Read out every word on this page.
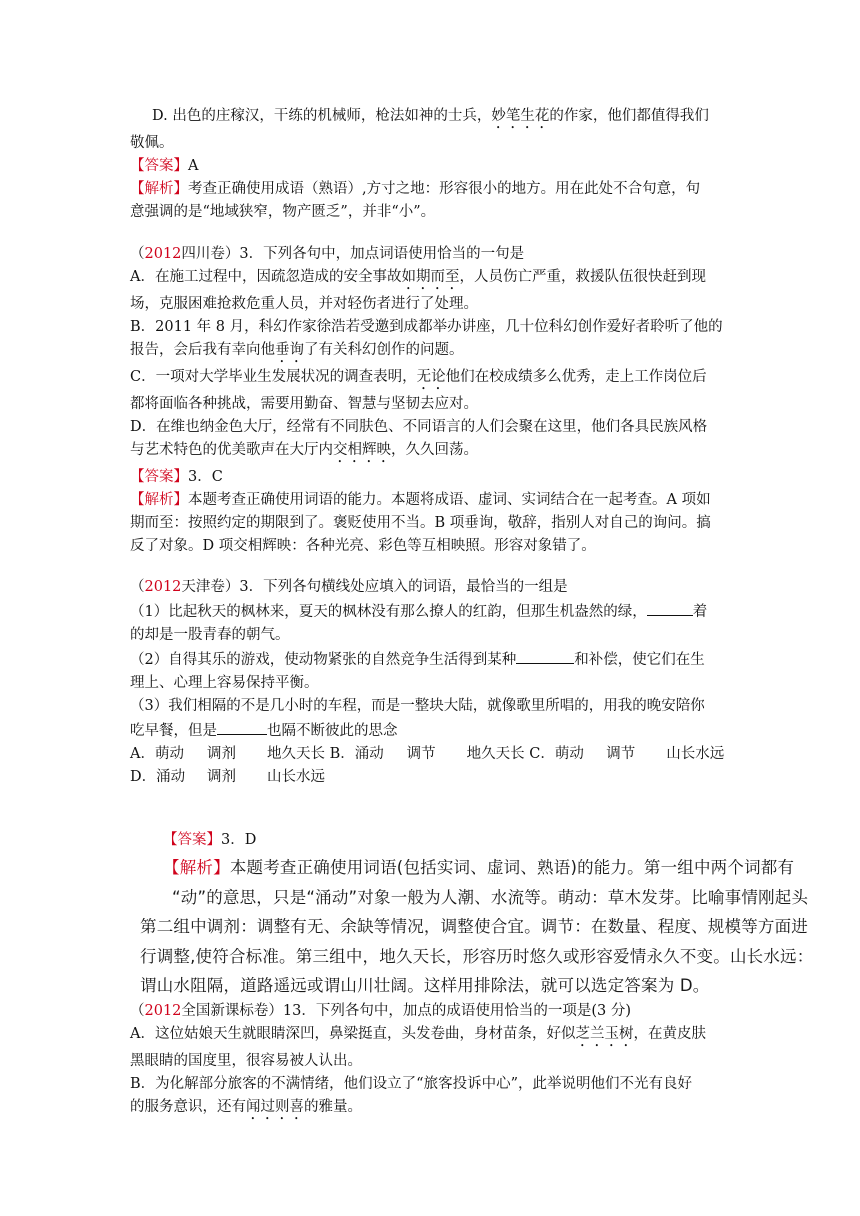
D. 出色的庄稼汉，干练的机械师，枪法如神的士兵，妙笔生花的作家，他们都值得我们
敬佩。
【答案】A
【解析】考查正确使用成语（熟语）,方寸之地：形容很小的地方。用在此处不合句意，句
意强调的是“地域狭窄，物产匮乏”，并非“小”。
（2012四川卷）3．下列各句中，加点词语使用恰当的一句是
A．在施工过程中，因疏忽造成的安全事故如期而至，人员伤亡严重，救援队伍很快赶到现
场，克服困难抢救危重人员，并对轻伤者进行了处理。
B．2011 年 8 月，科幻作家徐浩若受邀到成都举办讲座，几十位科幻创作爱好者聆听了他的
报告，会后我有幸向他垂询了有关科幻创作的问题。
C．一项对大学毕业生发展状况的调查表明，无论他们在校成绩多么优秀，走上工作岗位后
都将面临各种挑战，需要用勤奋、智慧与坚韧去应对。
D．在维也纳金色大厅，经常有不同肤色、不同语言的人们会聚在这里，他们各具民族风格
与艺术特色的优美歌声在大厅内交相辉映，久久回荡。
【答案】3．C
【解析】本题考查正确使用词语的能力。本题将成语、虚词、实词结合在一起考查。A 项如
期而至：按照约定的期限到了。褒贬使用不当。B 项垂询，敬辞，指别人对自己的询问。搞
反了对象。D 项交相辉映：各种光亮、彩色等互相映照。形容对象错了。
（2012天津卷）3．下列各句横线处应填入的词语，最恰当的一组是
（1）比起秋天的枫林来，夏天的枫林没有那么撩人的红韵，但那生机盎然的绿，	着
的却是一股青春的朝气。
（2）自得其乐的游戏，使动物紧张的自然竞争生活得到某种	和补偿，使它们在生
理上、心理上容易保持平衡。
（3）我们相隔的不是几小时的车程，而是一整块大陆，就像歌里所唱的，用我的晚安陪你
吃早餐，但是	也隔不断彼此的思念
A．萌动 调剂 地久天长 B．涌动 调节 地久天长 C．萌动 调节 山长水远 D．涌动 调剂 山长水远
【答案】3．D
【解析】本题考查正确使用词语(包括实词、虚词、熟语)的能力。第一组中两个词都有
“动”的意思，只是“涌动”对象一般为人潮、水流等。萌动：草木发芽。比喻事情刚起头
第二组中调剂：调整有无、余缺等情况，调整使合宜。调节：在数量、程度、规模等方面进
行调整,使符合标准。第三组中，地久天长，形容历时悠久或形容爱情永久不变。山长水远：
谓山水阻隔，道路遥远或谓山川壮阔。这样用排除法，就可以选定答案为 D。
（2012全国新课标卷）13．下列各句中，加点的成语使用恰当的一项是(3 分)
A．这位姑娘天生就眼睛深凹，鼻梁挺直，头发卷曲，身材苗条，好似芝兰玉树，在黄皮肤
黑眼睛的国度里，很容易被人认出。
B．为化解部分旅客的不满情绪，他们设立了“旅客投诉中心”，此举说明他们不光有良好
的服务意识，还有闻过则喜的雅量。
